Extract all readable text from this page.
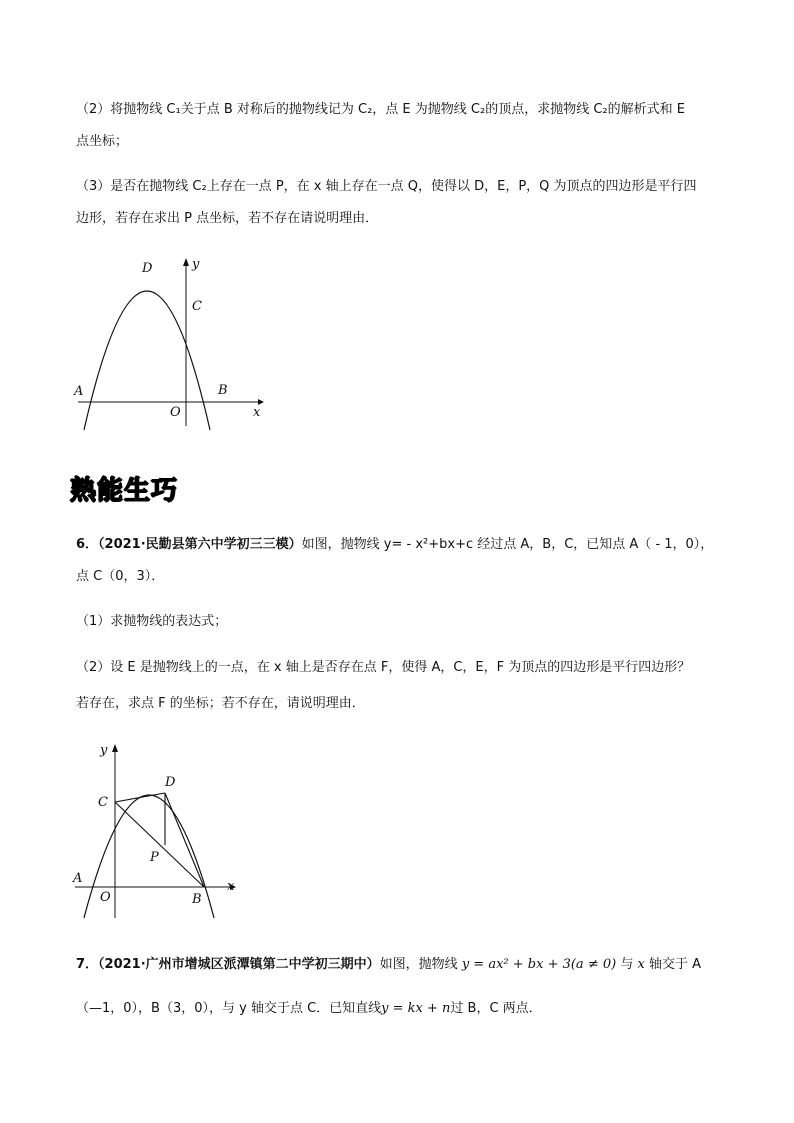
（2）将抛物线 C₁关于点 B 对称后的抛物线记为 C₂，点 E 为抛物线 C₂的顶点，求抛物线 C₂的解析式和 E

点坐标；

（3）是否在抛物线 C₂上存在一点 P，在 x 轴上存在一点 Q，使得以 D，E，P，Q 为顶点的四边形是平行四

边形，若存在求出 P 点坐标，若不存在请说明理由．

D	y
C
A	B
O	x
熟能生巧

6．（2021·民勤县第六中学初三三模）如图，抛物线 y= - x²+bx+c 经过点 A，B，C，已知点 A（ - 1，0），

点 C（0，3）．

（1）求抛物线的表达式；

（2）设 E 是抛物线上的一点，在 x 轴上是否存在点 F，使得 A，C，E，F 为顶点的四边形是平行四边形？

若存在，求点 F 的坐标；若不存在，请说明理由．

y
C
D
P
A
O	B
x

7．（2021·广州市增城区派潭镇第二中学初三期中）如图，抛物线 y = ax² + bx + 3(a ≠ 0) 与 x 轴交于 A

（—1，0），B（3，0），与 y 轴交于点 C．已知直线y = kx + n过 B，C 两点．
